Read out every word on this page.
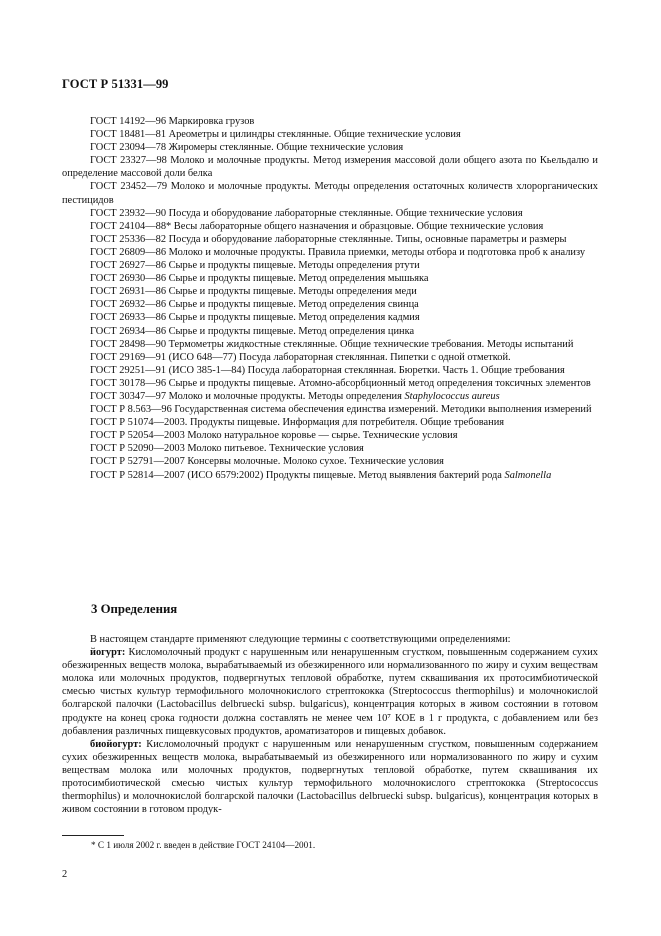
ГОСТ Р 51331—99

ГОСТ 14192—96 Маркировка грузов

ГОСТ 18481—81 Ареометры и цилиндры стеклянные. Общие технические условия

ГОСТ 23094—78 Жиромеры стеклянные. Общие технические условия

ГОСТ 23327—98 Молоко и молочные продукты. Метод измерения массовой доли общего азота по Кьельдалю и определение массовой доли белка

ГОСТ 23452—79 Молоко и молочные продукты. Методы определения остаточных количеств хлорорганических пестицидов

ГОСТ 23932—90 Посуда и оборудование лабораторные стеклянные. Общие технические условия

ГОСТ 24104—88* Весы лабораторные общего назначения и образцовые. Общие технические условия

ГОСТ 25336—82 Посуда и оборудование лабораторные стеклянные. Типы, основные параметры и размеры

ГОСТ 26809—86 Молоко и молочные продукты. Правила приемки, методы отбора и подготовка проб к анализу

ГОСТ 26927—86 Сырье и продукты пищевые. Методы определения ртути

ГОСТ 26930—86 Сырье и продукты пищевые. Метод определения мышьяка

ГОСТ 26931—86 Сырье и продукты пищевые. Методы определения меди

ГОСТ 26932—86 Сырье и продукты пищевые. Метод определения свинца

ГОСТ 26933—86 Сырье и продукты пищевые. Метод определения кадмия

ГОСТ 26934—86 Сырье и продукты пищевые. Метод определения цинка

ГОСТ 28498—90 Термометры жидкостные стеклянные. Общие технические требования. Методы испытаний

ГОСТ 29169—91 (ИСО 648—77) Посуда лабораторная стеклянная. Пипетки с одной отметкой.

ГОСТ 29251—91 (ИСО 385-1—84) Посуда лабораторная стеклянная. Бюретки. Часть 1. Общие требования

ГОСТ 30178—96 Сырье и продукты пищевые. Атомно-абсорбционный метод определения токсичных элементов

ГОСТ 30347—97 Молоко и молочные продукты. Методы определения Staphylococcus aureus

ГОСТ Р 8.563—96 Государственная система обеспечения единства измерений. Методики выполнения измерений

ГОСТ Р 51074—2003. Продукты пищевые. Информация для потребителя. Общие требования

ГОСТ Р 52054—2003 Молоко натуральное коровье — сырье. Технические условия

ГОСТ Р 52090—2003 Молоко питьевое. Технические условия

ГОСТ Р 52791—2007 Консервы молочные. Молоко сухое. Технические условия

ГОСТ Р 52814—2007 (ИСО 6579:2002) Продукты пищевые. Метод выявления бактерий рода Salmonella

3 Определения

В настоящем стандарте применяют следующие термины с соответствующими определениями:

йогурт: Кисломолочный продукт с нарушенным или ненарушенным сгустком, повышенным содержанием сухих обезжиренных веществ молока, вырабатываемый из обезжиренного или нормализованного по жиру и сухим веществам молока или молочных продуктов, подвергнутых тепловой обработке, путем сквашивания их протосимбиотической смесью чистых культур термофильного молочнокислого стрептококка (Streptococcus thermophilus) и молочнокислой болгарской палочки (Lactobacillus delbruecki subsp. bulgaricus), концентрация которых в живом состоянии в готовом продукте на конец срока годности должна составлять не менее чем 10⁷ КОЕ в 1 г продукта, с добавлением или без добавления различных пищевкусовых продуктов, ароматизаторов и пищевых добавок.

биойогурт: Кисломолочный продукт с нарушенным или ненарушенным сгустком, повышенным содержанием сухих обезжиренных веществ молока, вырабатываемый из обезжиренного или нормализованного по жиру и сухим веществам молока или молочных продуктов, подвергнутых тепловой обработке, путем сквашивания их протосимбиотической смесью чистых культур термофильного молочнокислого стрептококка (Streptococcus thermophilus) и молочнокислой болгарской палочки (Lactobacillus delbruecki subsp. bulgaricus), концентрация которых в живом состоянии в готовом продук-

* С 1 июля 2002 г. введен в действие ГОСТ 24104—2001.
2
